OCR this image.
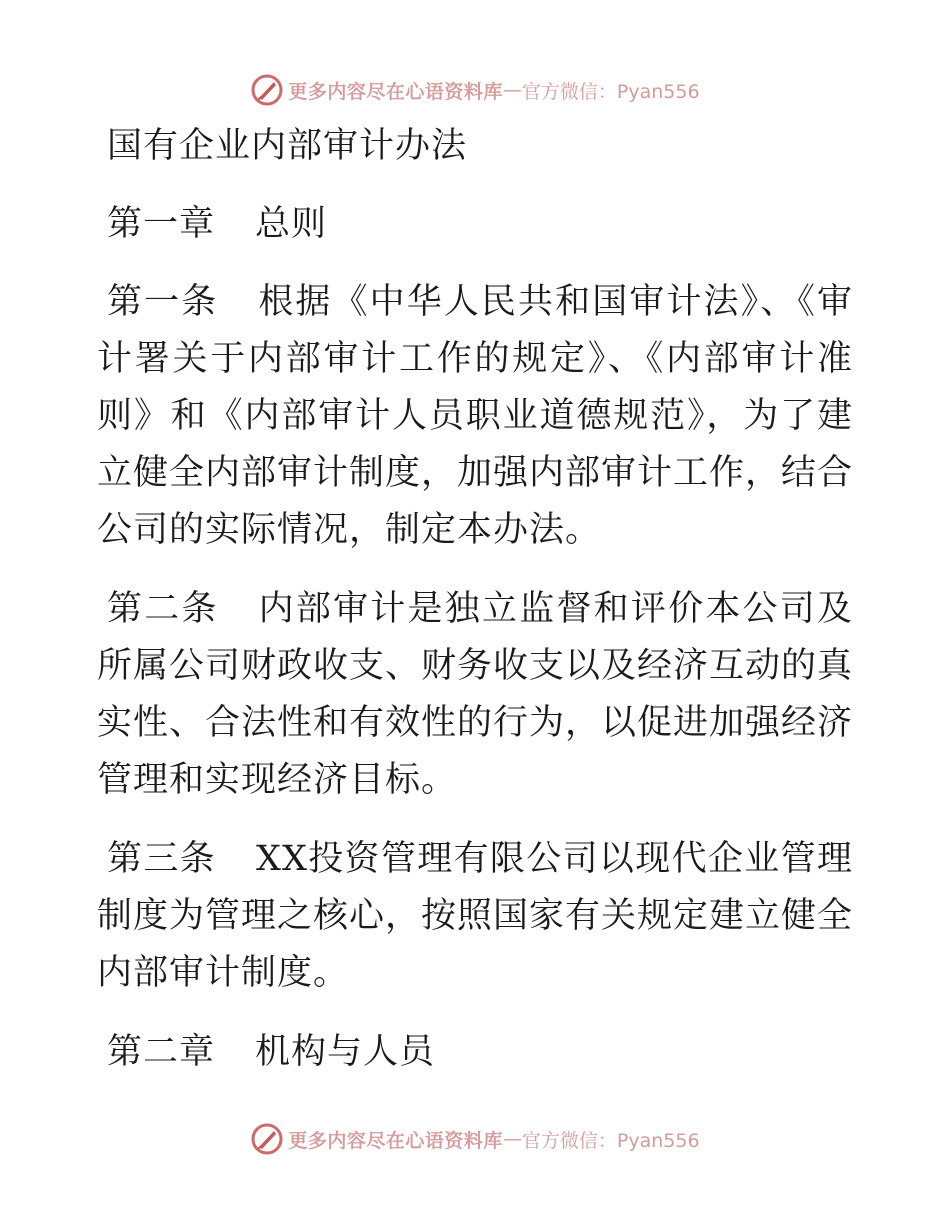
更多内容尽在心语资料库 — 官方微信：Pyan556
国有企业内部审计办法
第一章 总则

第一条 根据《中华人民共和国审计法》、《审计署关于内部审计工作的规定》、《内部审计准则》和《内部审计人员职业道德规范》，为了建立健全内部审计制度，加强内部审计工作，结合公司的实际情况，制定本办法。

第二条 内部审计是独立监督和评价本公司及所属公司财政收支、财务收支以及经济互动的真实性、合法性和有效性的行为，以促进加强经济管理和实现经济目标。

第三条 XX投资管理有限公司以现代企业管理制度为管理之核心，按照国家有关规定建立健全内部审计制度。

第二章 机构与人员
更多内容尽在心语资料库 — 官方微信：Pyan556
